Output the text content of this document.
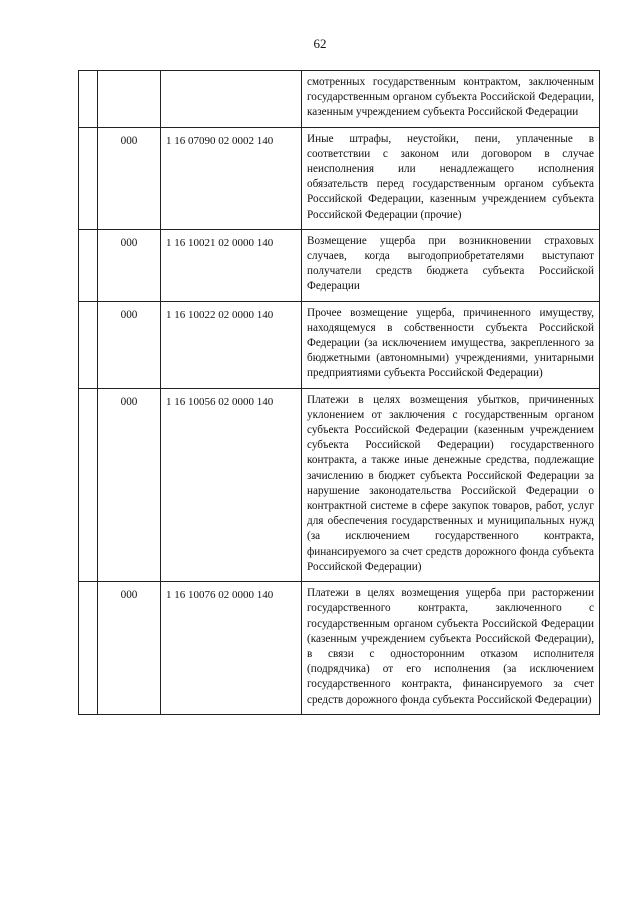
62

			смотренных государственным контрактом, заключенным государственным органом субъекта Российской Федерации, казенным учреждением субъекта Российской Федерации

	000	1 16 07090 02 0002 140	Иные штрафы, неустойки, пени, уплаченные в соответствии с законом или договором в случае неисполнения или ненадлежащего исполнения обязательств перед государственным органом субъекта Российской Федерации, казенным учреждением субъекта Российской Федерации (прочие)

	000	1 16 10021 02 0000 140	Возмещение ущерба при возникновении страховых случаев, когда выгодоприобретателями выступают получатели средств бюджета субъекта Российской Федерации

	000	1 16 10022 02 0000 140	Прочее возмещение ущерба, причиненного имуществу, находящемуся в собственности субъекта Российской Федерации (за исключением имущества, закрепленного за бюджетными (автономными) учреждениями, унитарными предприятиями субъекта Российской Федерации)

	000	1 16 10056 02 0000 140	Платежи в целях возмещения убытков, причиненных уклонением от заключения с государственным органом субъекта Российской Федерации (казенным учреждением субъекта Российской Федерации) государственного контракта, а также иные денежные средства, подлежащие зачислению в бюджет субъекта Российской Федерации за нарушение законодательства Российской Федерации о контрактной системе в сфере закупок товаров, работ, услуг для обеспечения государственных и муниципальных нужд (за исключением государственного контракта, финансируемого за счет средств дорожного фонда субъекта Российской Федерации)

	000	1 16 10076 02 0000 140	Платежи в целях возмещения ущерба при расторжении государственного контракта, заключенного с государственным органом субъекта Российской Федерации (казенным учреждением субъекта Российской Федерации), в связи с односторонним отказом исполнителя (подрядчика) от его исполнения (за исключением государственного контракта, финансируемого за счет средств дорожного фонда субъекта Российской Федерации)
